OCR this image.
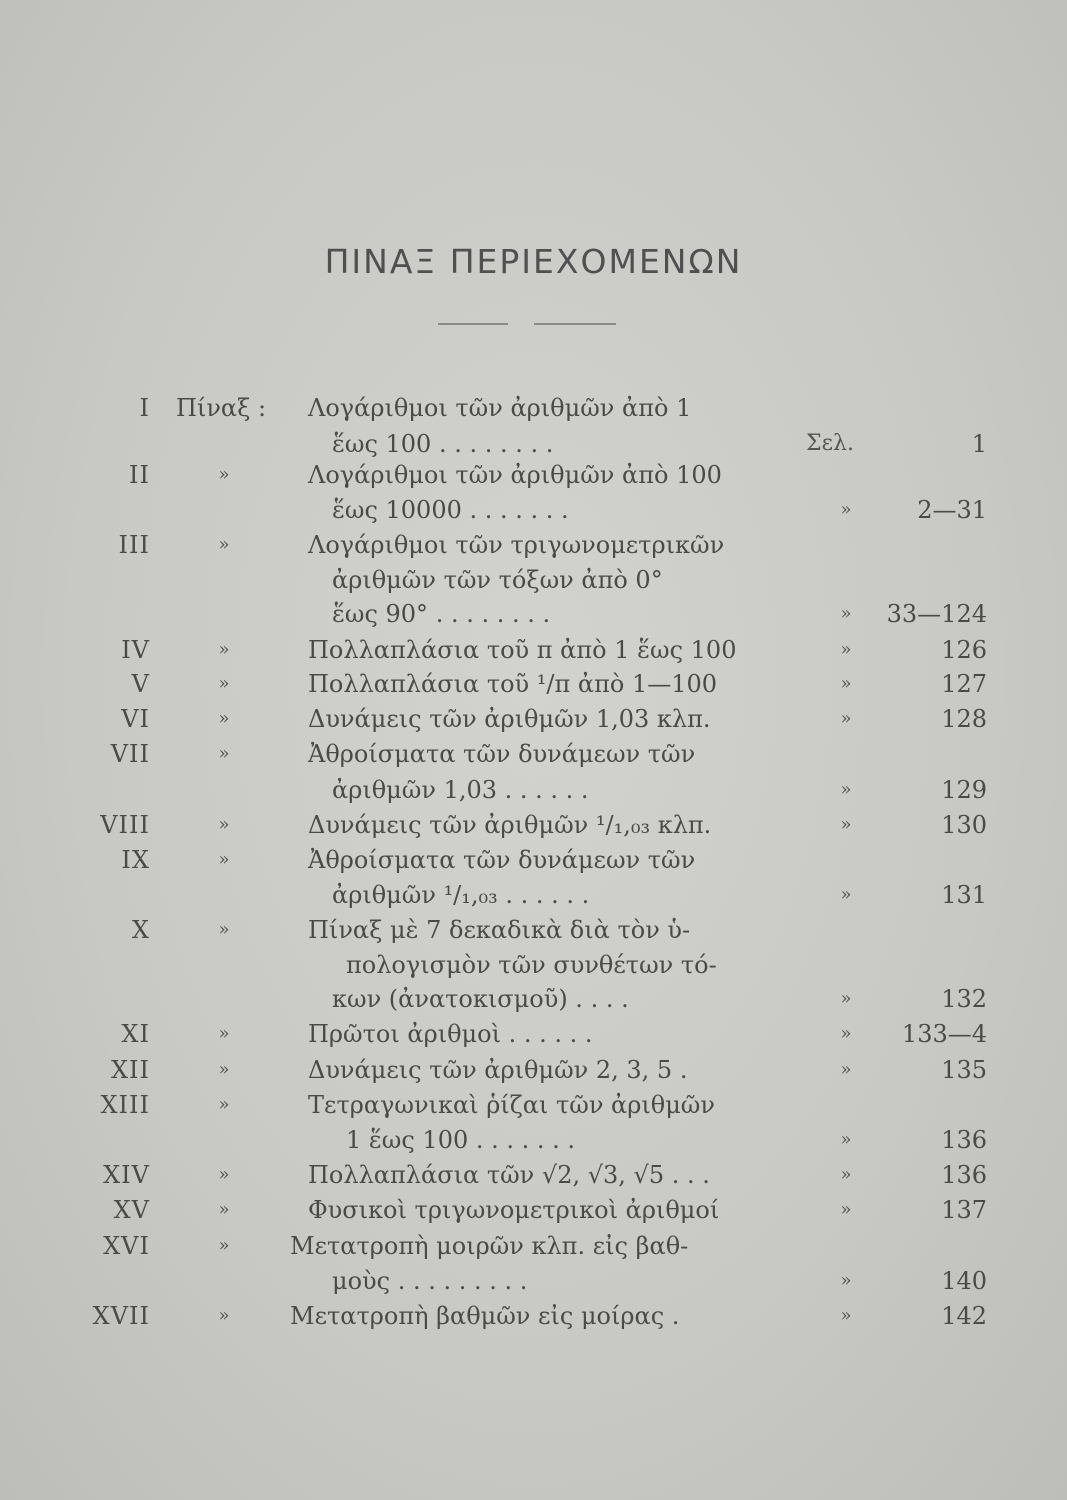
ΠΙΝΑΞ ΠΕΡΙΕΧΟΜΕΝΩΝ
I Πίναξ : Λογάριθμοι τῶν ἀριθμῶν ἀπὸ 1
ἕως 100 . . . . . . . .	Σελ.	1
II	»	Λογάριθμοι τῶν ἀριθμῶν ἀπὸ 100
ἕως 10000 . . . . . . .	»	2—31
III	»	Λογάριθμοι τῶν τριγωνομετρικῶν
ἀριθμῶν τῶν τόξων ἀπὸ 0°
ἕως 90° . . . . . . . .	»	33—124
IV	»	Πολλαπλάσια τοῦ π ἀπὸ 1 ἕως 100	»	126
V	»	Πολλαπλάσια τοῦ ¹/π ἀπὸ 1—100	»	127
VI	»	Δυνάμεις τῶν ἀριθμῶν 1,03 κλπ.	»	128
VII	»	Ἀθροίσματα τῶν δυνάμεων τῶν
ἀριθμῶν 1,03 . . . . . .	»	129
VIII	»	Δυνάμεις τῶν ἀριθμῶν ¹/₁,₀₃ κλπ.	»	130
IX	»	Ἀθροίσματα τῶν δυνάμεων τῶν
ἀριθμῶν ¹/₁,₀₃ . . . . . .	»	131
X	»	Πίναξ μὲ 7 δεκαδικὰ διὰ τὸν ὑ-
πολογισμὸν τῶν συνθέτων τό-
κων (ἀνατοκισμοῦ) . . . .	»	132
XI	»	Πρῶτοι ἀριθμοὶ . . . . . .	»	133—4
XII	»	Δυνάμεις τῶν ἀριθμῶν 2, 3, 5 .	»	135
XIII	»	Τετραγωνικαὶ ῥίζαι τῶν ἀριθμῶν
1 ἕως 100 . . . . . . .	»	136
XIV	»	Πολλαπλάσια τῶν √2, √3, √5 . . .	»	136
XV	»	Φυσικοὶ τριγωνομετρικοὶ ἀριθμοί	»	137
XVI	»	Μετατροπὴ μοιρῶν κλπ. εἰς βαθ-
μοὺς . . . . . . . . .	»	140
XVII	»	Μετατροπὴ βαθμῶν εἰς μοίρας .	»	142
